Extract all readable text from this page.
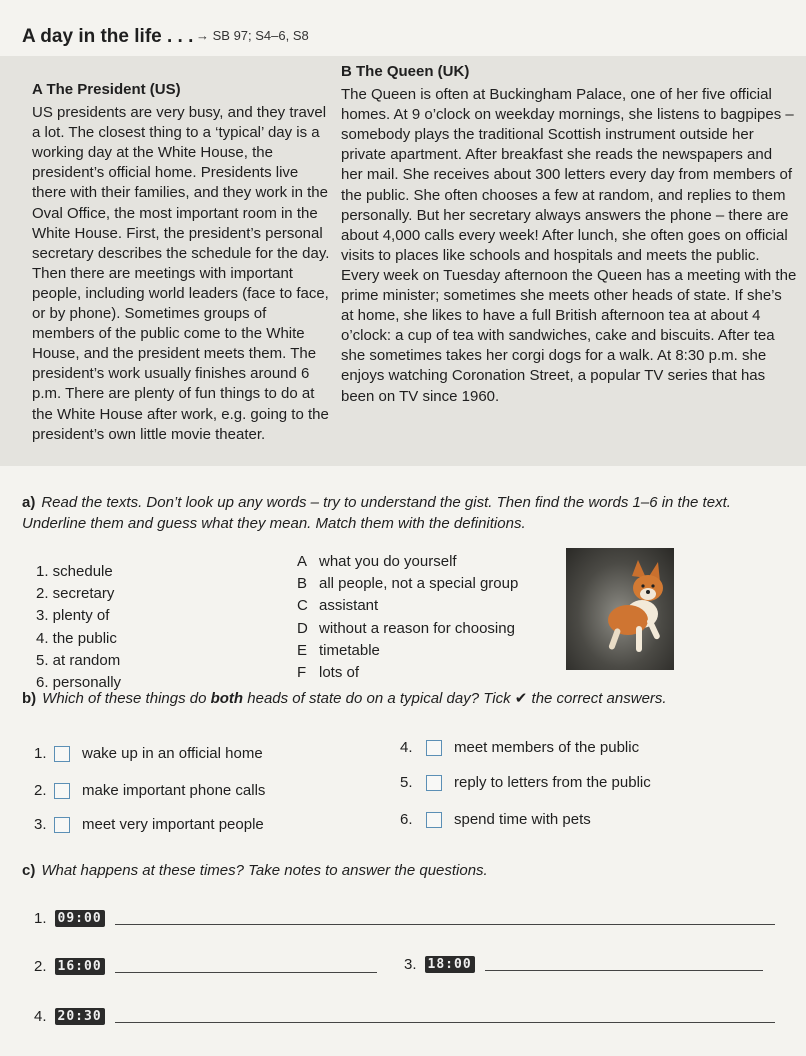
A day in the life . . . → SB 97; S4–6, S8
A The President (US)

US presidents are very busy, and they travel a lot. The closest thing to a ‘typical’ day is a working day at the White House, the president’s official home. Presidents live there with their families, and they work in the Oval Office, the most important room in the White House. First, the president’s personal secretary describes the schedule for the day. Then there are meetings with important people, including world leaders (face to face, or by phone). Sometimes groups of members of the public come to the White House, and the president meets them. The president’s work usually finishes around 6 p.m. There are plenty of fun things to do at the White House after work, e.g. going to the president’s own little movie theater.

B The Queen (UK)

The Queen is often at Buckingham Palace, one of her five official homes. At 9 o’clock on weekday mornings, she listens to bagpipes – somebody plays the traditional Scottish instrument outside her private apartment. After breakfast she reads the newspapers and her mail. She receives about 300 letters every day from members of the public. She often chooses a few at random, and replies to them personally. But her secretary always answers the phone – there are about 4,000 calls every week! After lunch, she often goes on official visits to places like schools and hospitals and meets the public. Every week on Tuesday afternoon the Queen has a meeting with the prime minister; sometimes she meets other heads of state. If she’s at home, she likes to have a full British afternoon tea at about 4 o’clock: a cup of tea with sandwiches, cake and biscuits. After tea she sometimes takes her corgi dogs for a walk. At 8:30 p.m. she enjoys watching Coronation Street, a popular TV series that has been on TV since 1960.

a) Read the texts. Don’t look up any words – try to understand the gist. Then find the words 1–6 in the text. Underline them and guess what they mean. Match them with the definitions.
1. schedule
2. secretary
3. plenty of
4. the public
5. at random
6. personally
A what you do yourself
B all people, not a special group
C assistant
D without a reason for choosing
E timetable
F lots of
b) Which of these things do both heads of state do on a typical day? Tick ✔ the correct answers.
1.	wake up in an official home
2.	make important phone calls
3.	meet very important people
4.	meet members of the public
5.	reply to letters from the public
6.	spend time with pets
c) What happens at these times? Take notes to answer the questions.
1. 09:00
2. 16:00	3. 18:00
4. 20:30
